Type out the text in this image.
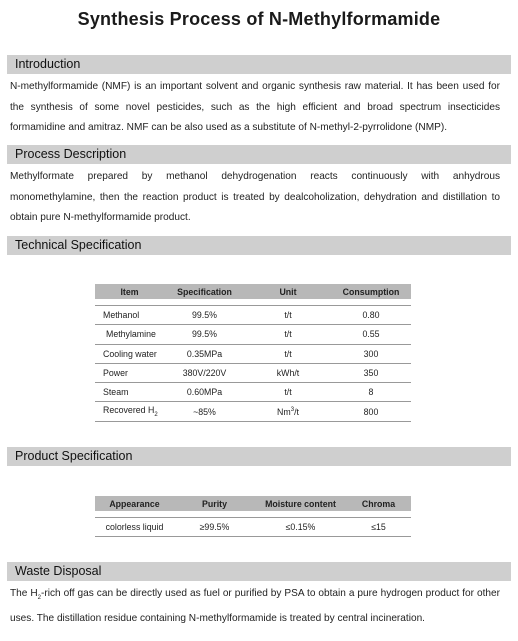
Synthesis Process of N-Methylformamide
Introduction
N-methylformamide (NMF) is an important solvent and organic synthesis raw material. It has been used for the synthesis of some novel pesticides, such as the high efficient and broad spectrum insecticides formamidine and amitraz. NMF can be also used as a substitute of N-methyl-2-pyrrolidone (NMP).
Process Description
Methylformate prepared by methanol dehydrogenation reacts continuously with anhydrous monomethylamine, then the reaction product is treated by dealcoholization, dehydration and distillation to obtain pure N-methylformamide product.
Technical Specification
Item	Specification	Unit	Consumption

Methanol	99.5%	t/t	0.80
Methylamine	99.5%	t/t	0.55
Cooling water	0.35MPa	t/t	300
Power	380V/220V	kWh/t	350
Steam	0.60MPa	t/t	8
Recovered $H_2$	~85%	Nm$^3$/t	800
Product Specification
Appearance	Purity	Moisture content	Chroma

colorless liquid	≥99.5%	≤0.15%	≤15
Waste Disposal
The $H_2$-rich off gas can be directly used as fuel or purified by PSA to obtain a pure hydrogen product for other uses. The distillation residue containing N-methylformamide is treated by central incineration.
